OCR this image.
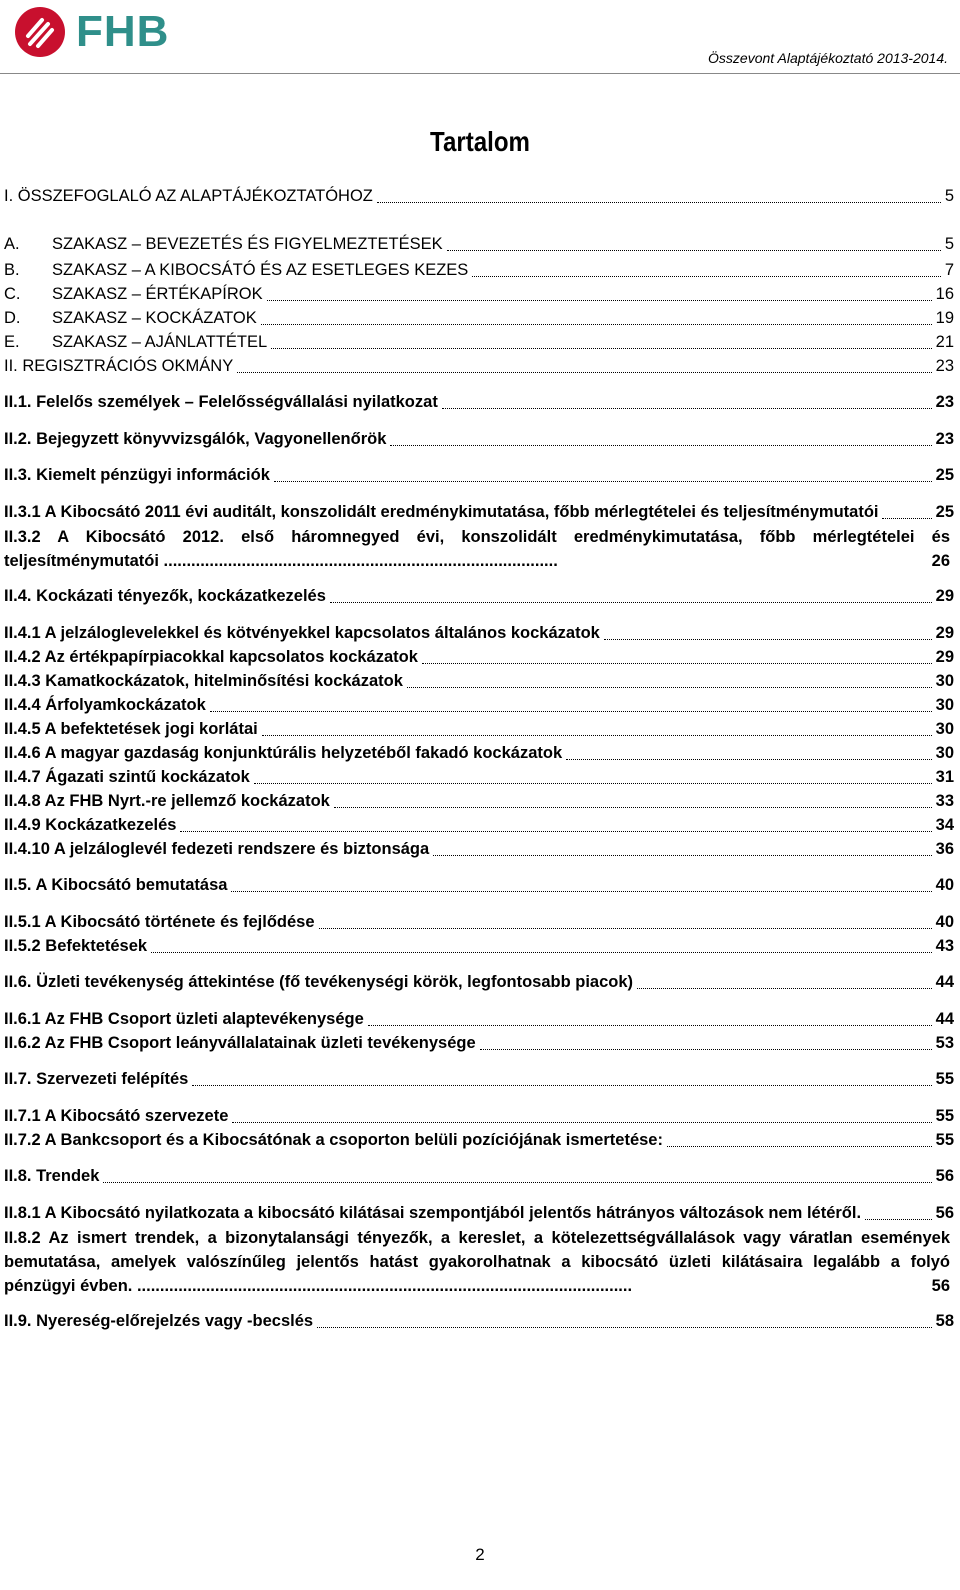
FHB
Összevont Alaptájékoztató 2013-2014.
Tartalom
I. ÖSSZEFOGLALÓ AZ ALAPTÁJÉKOZTATÓHOZ	5
A. SZAKASZ – BEVEZETÉS ÉS FIGYELMEZTETÉSEK	5
B. SZAKASZ – A KIBOCSÁTÓ ÉS AZ ESETLEGES KEZES	7
C. SZAKASZ – ÉRTÉKAPÍROK	16
D. SZAKASZ – KOCKÁZATOK	19
E. SZAKASZ – AJÁNLATTÉTEL	21
II. REGISZTRÁCIÓS OKMÁNY	23
II.1. Felelős személyek – Felelősségvállalási nyilatkozat	23
II.2. Bejegyzett könyvvizsgálók, Vagyonellenőrök	23
II.3. Kiemelt pénzügyi információk	25
II.3.1 A Kibocsátó 2011 évi auditált, konszolidált eredménykimutatása, főbb mérlegtételei és teljesítménymutatói	25
II.3.2 A Kibocsátó 2012. első háromnegyed évi, konszolidált eredménykimutatása, főbb mérlegtételei és teljesítménymutatói ......................................................................................	26
II.4. Kockázati tényezők, kockázatkezelés	29
II.4.1 A jelzáloglevelekkel és kötvényekkel kapcsolatos általános kockázatok	29
II.4.2 Az értékpapírpiacokkal kapcsolatos kockázatok	29
II.4.3 Kamatkockázatok, hitelminősítési kockázatok	30
II.4.4 Árfolyamkockázatok	30
II.4.5 A befektetések jogi korlátai	30
II.4.6 A magyar gazdaság konjunktúrális helyzetéből fakadó kockázatok	30
II.4.7 Ágazati szintű kockázatok	31
II.4.8 Az FHB Nyrt.-re jellemző kockázatok	33
II.4.9 Kockázatkezelés	34
II.4.10 A jelzáloglevél fedezeti rendszere és biztonsága	36
II.5. A Kibocsátó bemutatása	40
II.5.1 A Kibocsátó története és fejlődése	40
II.5.2 Befektetések	43
II.6. Üzleti tevékenység áttekintése (fő tevékenységi körök, legfontosabb piacok)	44
II.6.1 Az FHB Csoport üzleti alaptevékenysége	44
II.6.2 Az FHB Csoport leányvállalatainak üzleti tevékenysége	53
II.7. Szervezeti felépítés	55
II.7.1 A Kibocsátó szervezete	55
II.7.2 A Bankcsoport és a Kibocsátónak a csoporton belüli pozíciójának ismertetése:	55
II.8. Trendek	56
II.8.1 A Kibocsátó nyilatkozata a kibocsátó kilátásai szempontjából jelentős hátrányos változások nem létéről.	56
II.8.2 Az ismert trendek, a bizonytalansági tényezők, a kereslet, a kötelezettségvállalások vagy váratlan események bemutatása, amelyek valószínűleg jelentős hatást gyakorolhatnak a kibocsátó üzleti kilátásaira legalább a folyó pénzügyi évben. ............................................................................................................	56
II.9. Nyereség-előrejelzés vagy -becslés	58
2
